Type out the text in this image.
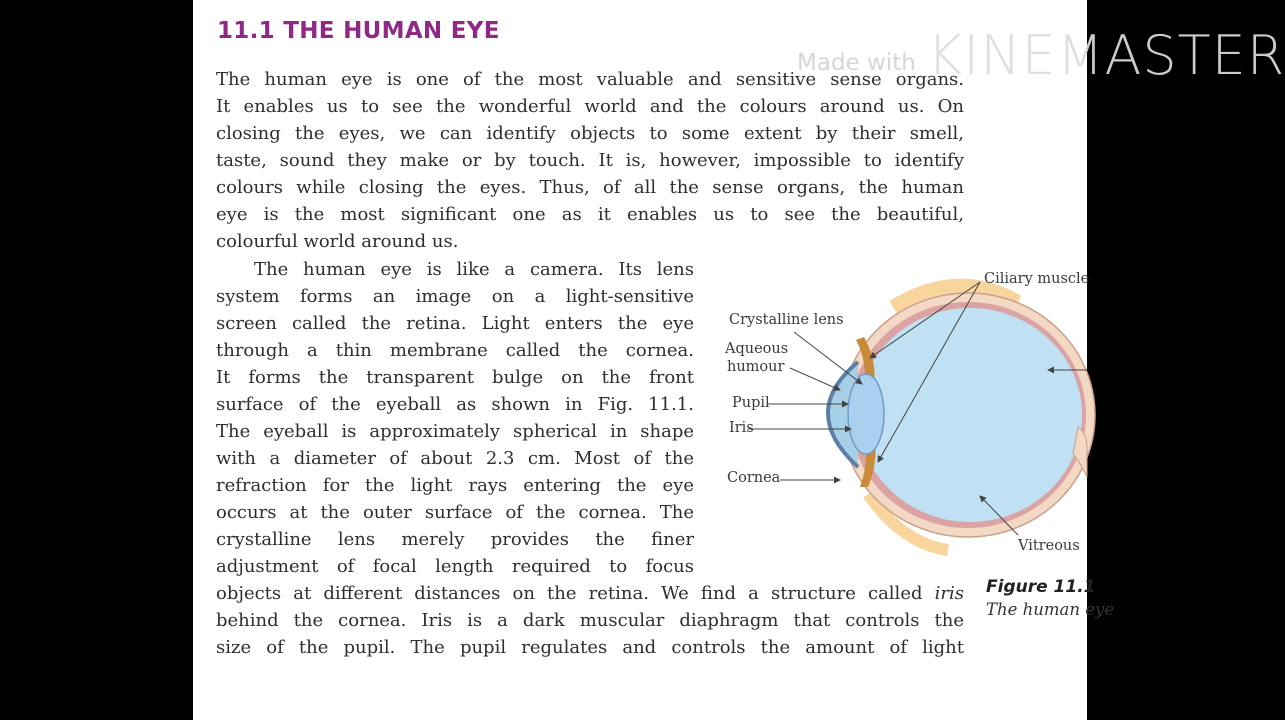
11.1 THE HUMAN EYE

The human eye is one of the most valuable and sensitive sense organs.

It enables us to see the wonderful world and the colours around us. On

closing the eyes, we can identify objects to some extent by their smell,

taste, sound they make or by touch. It is, however, impossible to identify

colours while closing the eyes. Thus, of all the sense organs, the human

eye is the most significant one as it enables us to see the beautiful,

colourful world around us.

The human eye is like a camera. Its lens

system forms an image on a light-sensitive

screen called the retina. Light enters the eye

through a thin membrane called the cornea.

It forms the transparent bulge on the front

surface of the eyeball as shown in Fig. 11.1.

The eyeball is approximately spherical in shape

with a diameter of about 2.3 cm. Most of the

refraction for the light rays entering the eye

occurs at the outer surface of the cornea. The

crystalline lens merely provides the finer

adjustment of focal length required to focus

objects at different distances on the retina. We find a structure called iris

behind the cornea. Iris is a dark muscular diaphragm that controls the

size of the pupil. The pupil regulates and controls the amount of light

Ciliary muscle
Crystalline lens
Aqueous
humour
Pupil
Iris
Cornea
Vitreous
Figure 11.1
The human eye
Made with KINEMASTER
